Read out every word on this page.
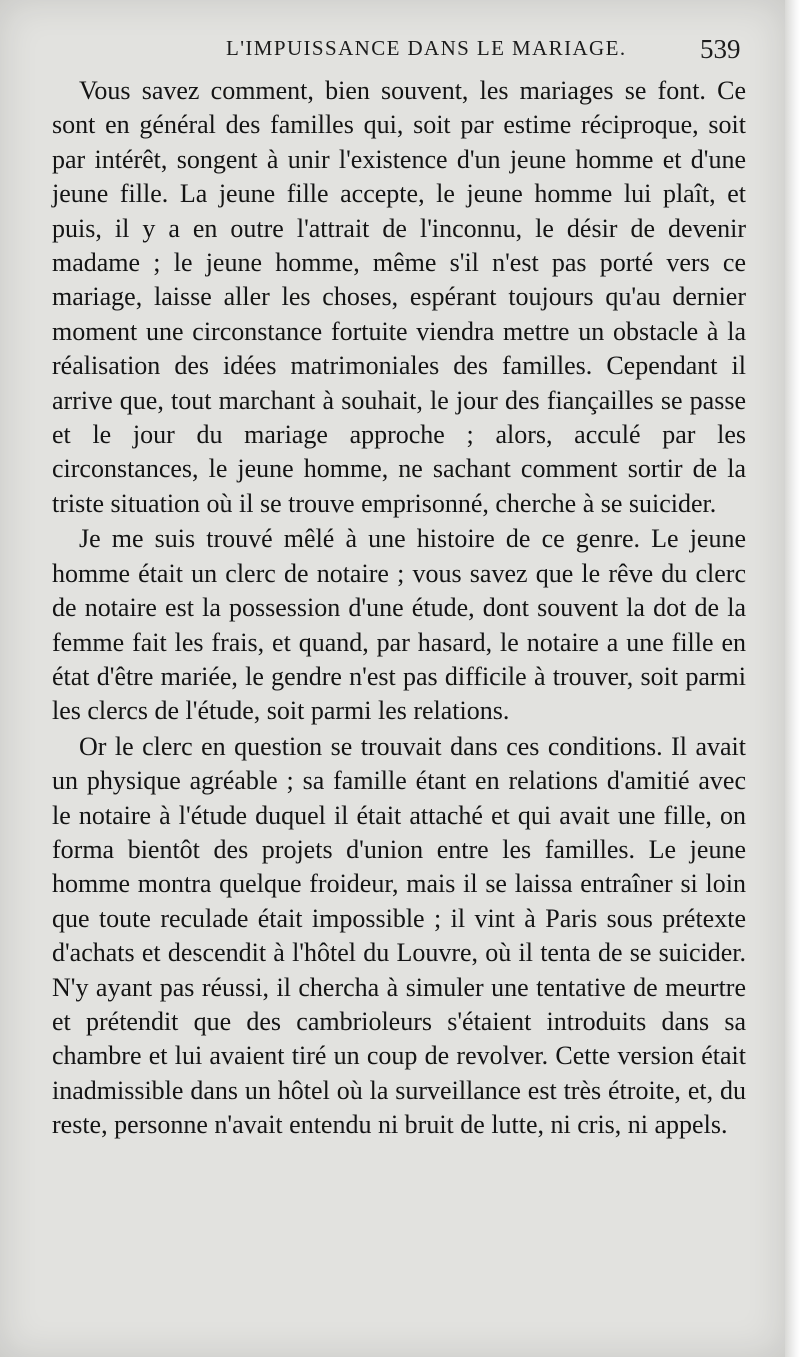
L'IMPUISSANCE DANS LE MARIAGE.	539

Vous savez comment, bien souvent, les mariages se font. Ce sont en général des familles qui, soit par estime réciproque, soit par intérêt, songent à unir l'existence d'un jeune homme et d'une jeune fille. La jeune fille accepte, le jeune homme lui plaît, et puis, il y a en outre l'attrait de l'inconnu, le désir de devenir madame ; le jeune homme, même s'il n'est pas porté vers ce mariage, laisse aller les choses, espérant toujours qu'au dernier moment une circonstance fortuite viendra mettre un obstacle à la réalisation des idées matrimoniales des familles. Cependant il arrive que, tout marchant à souhait, le jour des fiançailles se passe et le jour du mariage approche ; alors, acculé par les circonstances, le jeune homme, ne sachant comment sortir de la triste situation où il se trouve emprisonné, cherche à se suicider.

Je me suis trouvé mêlé à une histoire de ce genre. Le jeune homme était un clerc de notaire ; vous savez que le rêve du clerc de notaire est la possession d'une étude, dont souvent la dot de la femme fait les frais, et quand, par hasard, le notaire a une fille en état d'être mariée, le gendre n'est pas difficile à trouver, soit parmi les clercs de l'étude, soit parmi les relations.

Or le clerc en question se trouvait dans ces conditions. Il avait un physique agréable ; sa famille étant en relations d'amitié avec le notaire à l'étude duquel il était attaché et qui avait une fille, on forma bientôt des projets d'union entre les familles. Le jeune homme montra quelque froideur, mais il se laissa entraîner si loin que toute reculade était impossible ; il vint à Paris sous prétexte d'achats et descendit à l'hôtel du Louvre, où il tenta de se suicider. N'y ayant pas réussi, il chercha à simuler une tentative de meurtre et prétendit que des cambrioleurs s'étaient introduits dans sa chambre et lui avaient tiré un coup de revolver. Cette version était inadmissible dans un hôtel où la surveillance est très étroite, et, du reste, personne n'avait entendu ni bruit de lutte, ni cris, ni appels.
